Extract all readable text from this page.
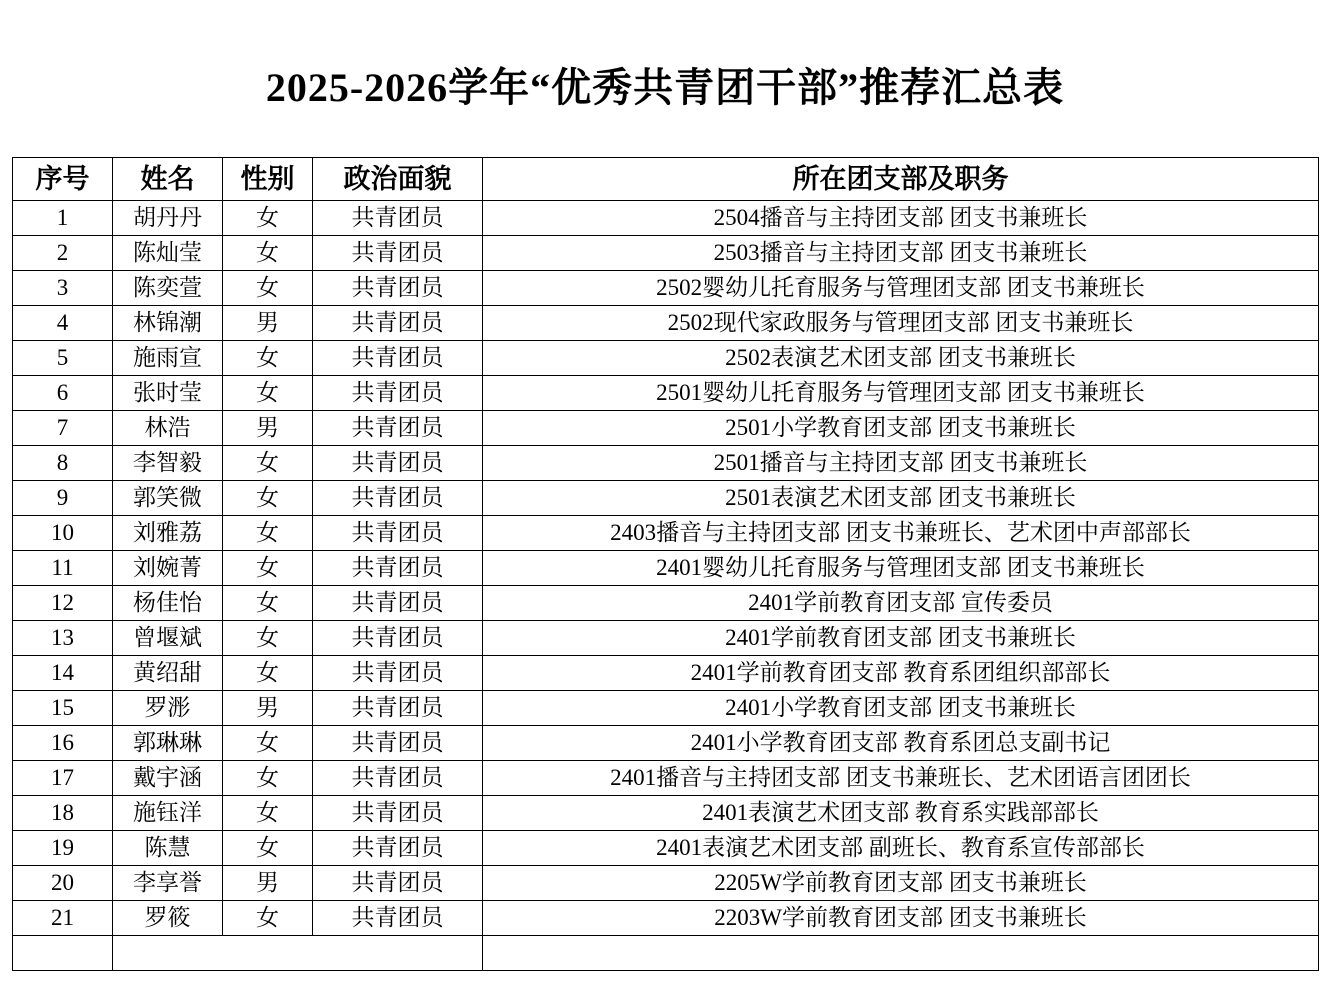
2025-2026学年“优秀共青团干部”推荐汇总表
序号	姓名	性别	政治面貌	所在团支部及职务
1	胡丹丹	女	共青团员	2504播音与主持团支部 团支书兼班长
2	陈灿莹	女	共青团员	2503播音与主持团支部 团支书兼班长
3	陈奕萱	女	共青团员	2502婴幼儿托育服务与管理团支部 团支书兼班长
4	林锦潮	男	共青团员	2502现代家政服务与管理团支部 团支书兼班长
5	施雨宣	女	共青团员	2502表演艺术团支部 团支书兼班长
6	张时莹	女	共青团员	2501婴幼儿托育服务与管理团支部 团支书兼班长
7	林浩	男	共青团员	2501小学教育团支部 团支书兼班长
8	李智毅	女	共青团员	2501播音与主持团支部 团支书兼班长
9	郭笑微	女	共青团员	2501表演艺术团支部 团支书兼班长
10	刘雅荔	女	共青团员	2403播音与主持团支部 团支书兼班长、艺术团中声部部长
11	刘婉菁	女	共青团员	2401婴幼儿托育服务与管理团支部 团支书兼班长
12	杨佳怡	女	共青团员	2401学前教育团支部 宣传委员
13	曾堰斌	女	共青团员	2401学前教育团支部 团支书兼班长
14	黄绍甜	女	共青团员	2401学前教育团支部 教育系团组织部部长
15	罗浵	男	共青团员	2401小学教育团支部 团支书兼班长
16	郭琳琳	女	共青团员	2401小学教育团支部 教育系团总支副书记
17	戴宇涵	女	共青团员	2401播音与主持团支部 团支书兼班长、艺术团语言团团长
18	施钰洋	女	共青团员	2401表演艺术团支部 教育系实践部部长
19	陈慧	女	共青团员	2401表演艺术团支部 副班长、教育系宣传部部长
20	李享誉	男	共青团员	2205W学前教育团支部 团支书兼班长
21	罗筱	女	共青团员	2203W学前教育团支部 团支书兼班长
